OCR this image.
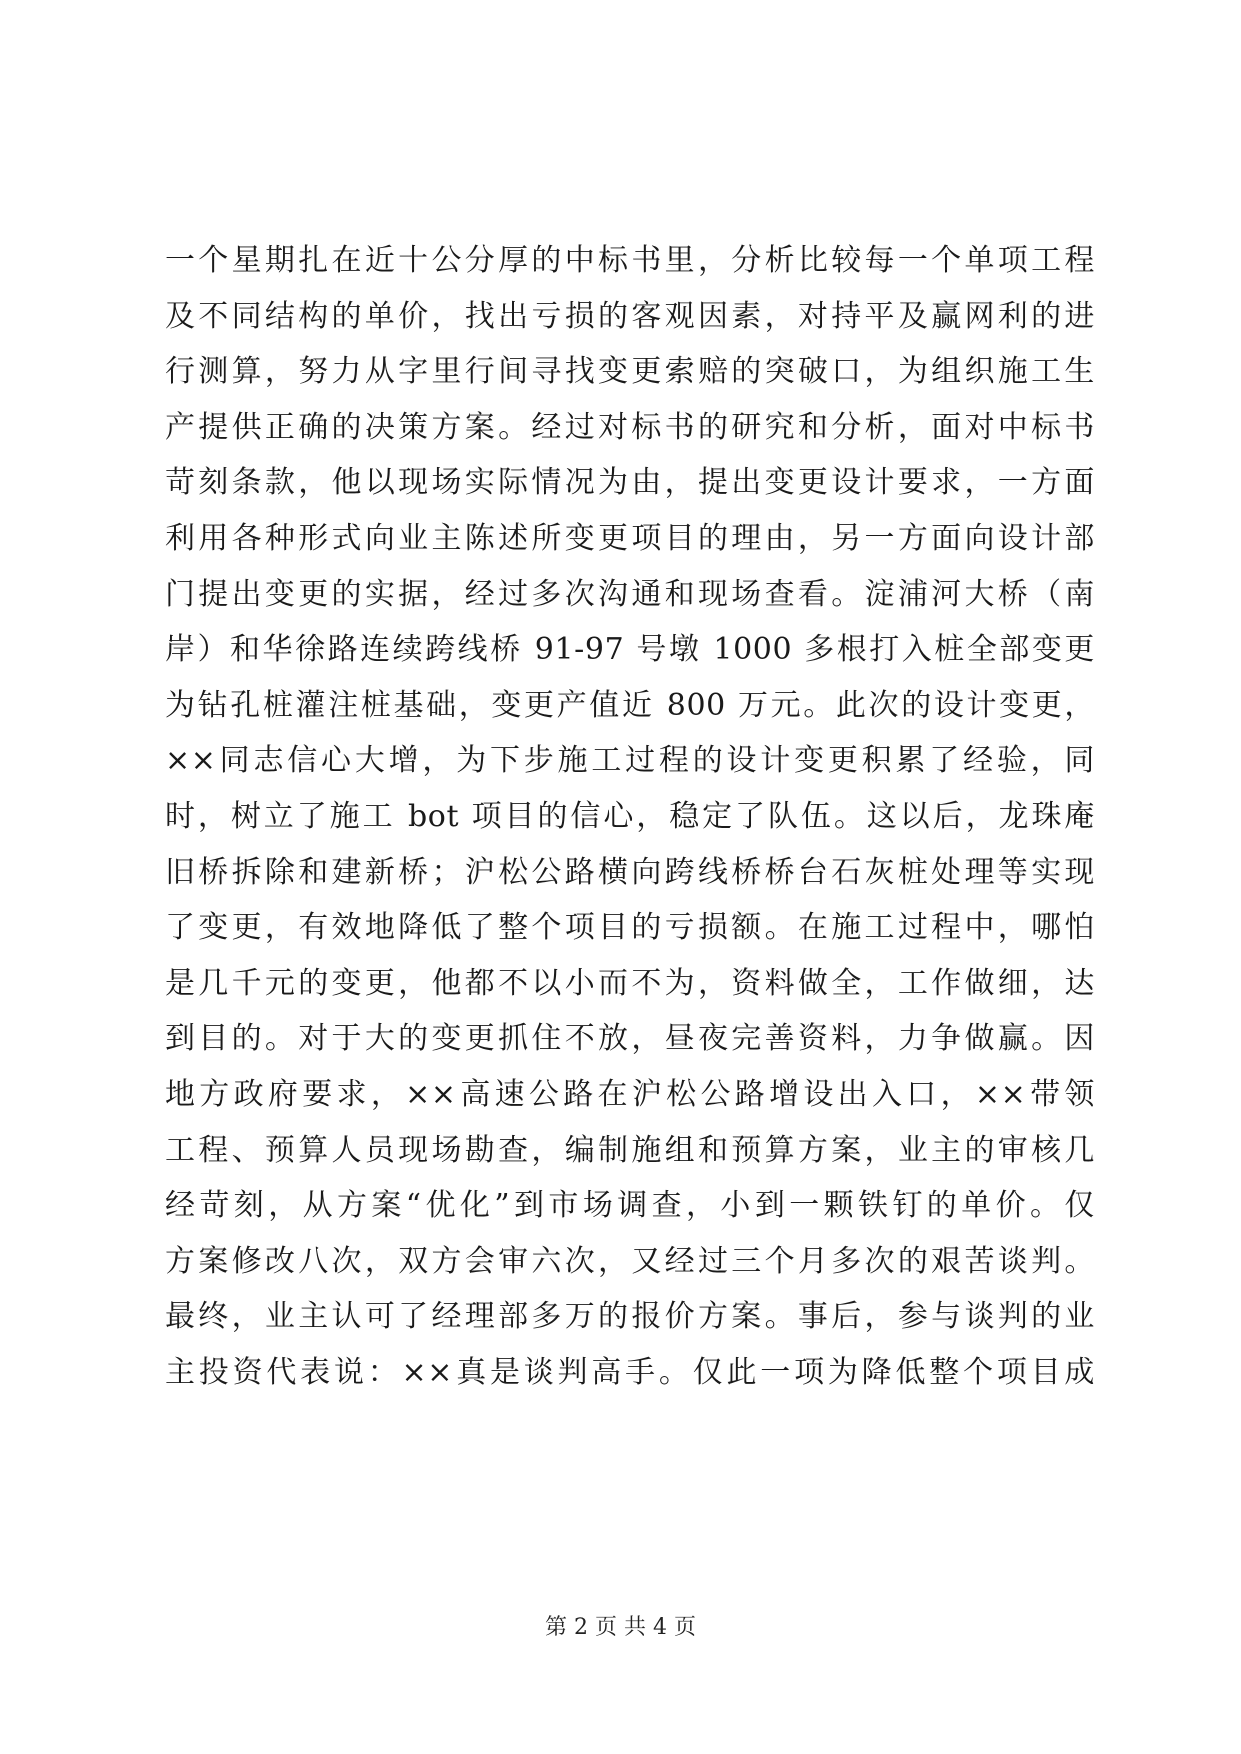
一个星期扎在近十公分厚的中标书里，分析比较每一个单项工程
及不同结构的单价，找出亏损的客观因素，对持平及赢网利的进
行测算，努力从字里行间寻找变更索赔的突破口，为组织施工生
产提供正确的决策方案。经过对标书的研究和分析，面对中标书
苛刻条款，他以现场实际情况为由，提出变更设计要求，一方面
利用各种形式向业主陈述所变更项目的理由，另一方面向设计部
门提出变更的实据，经过多次沟通和现场查看。淀浦河大桥（南
岸）和华徐路连续跨线桥 91-97 号墩 1000 多根打入桩全部变更
为钻孔桩灌注桩基础，变更产值近 800 万元。此次的设计变更，
××同志信心大增，为下步施工过程的设计变更积累了经验，同
时，树立了施工 bot 项目的信心，稳定了队伍。这以后，龙珠庵
旧桥拆除和建新桥；沪松公路横向跨线桥桥台石灰桩处理等实现
了变更，有效地降低了整个项目的亏损额。在施工过程中，哪怕
是几千元的变更，他都不以小而不为，资料做全，工作做细，达
到目的。对于大的变更抓住不放，昼夜完善资料，力争做赢。因
地方政府要求，××高速公路在沪松公路增设出入口，××带领
工程、预算人员现场勘查，编制施组和预算方案，业主的审核几
经苛刻，从方案“优化”到市场调查，小到一颗铁钉的单价。仅
方案修改八次，双方会审六次，又经过三个月多次的艰苦谈判。
最终，业主认可了经理部多万的报价方案。事后，参与谈判的业
主投资代表说：××真是谈判高手。仅此一项为降低整个项目成
第 2 页 共 4 页
